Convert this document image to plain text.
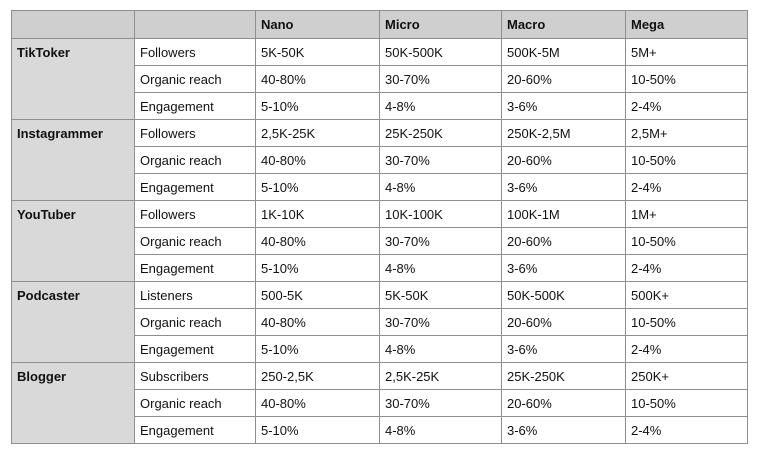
		Nano	Micro	Macro	Mega
TikToker	Followers	5K-50K	50K-500K	500K-5M	5M+
	Organic reach	40-80%	30-70%	20-60%	10-50%
	Engagement	5-10%	4-8%	3-6%	2-4%
Instagrammer	Followers	2,5K-25K	25K-250K	250K-2,5M	2,5M+
	Organic reach	40-80%	30-70%	20-60%	10-50%
	Engagement	5-10%	4-8%	3-6%	2-4%
YouTuber	Followers	1K-10K	10K-100K	100K-1M	1M+
	Organic reach	40-80%	30-70%	20-60%	10-50%
	Engagement	5-10%	4-8%	3-6%	2-4%
Podcaster	Listeners	500-5K	5K-50K	50K-500K	500K+
	Organic reach	40-80%	30-70%	20-60%	10-50%
	Engagement	5-10%	4-8%	3-6%	2-4%
Blogger	Subscribers	250-2,5K	2,5K-25K	25K-250K	250K+
	Organic reach	40-80%	30-70%	20-60%	10-50%
	Engagement	5-10%	4-8%	3-6%	2-4%
